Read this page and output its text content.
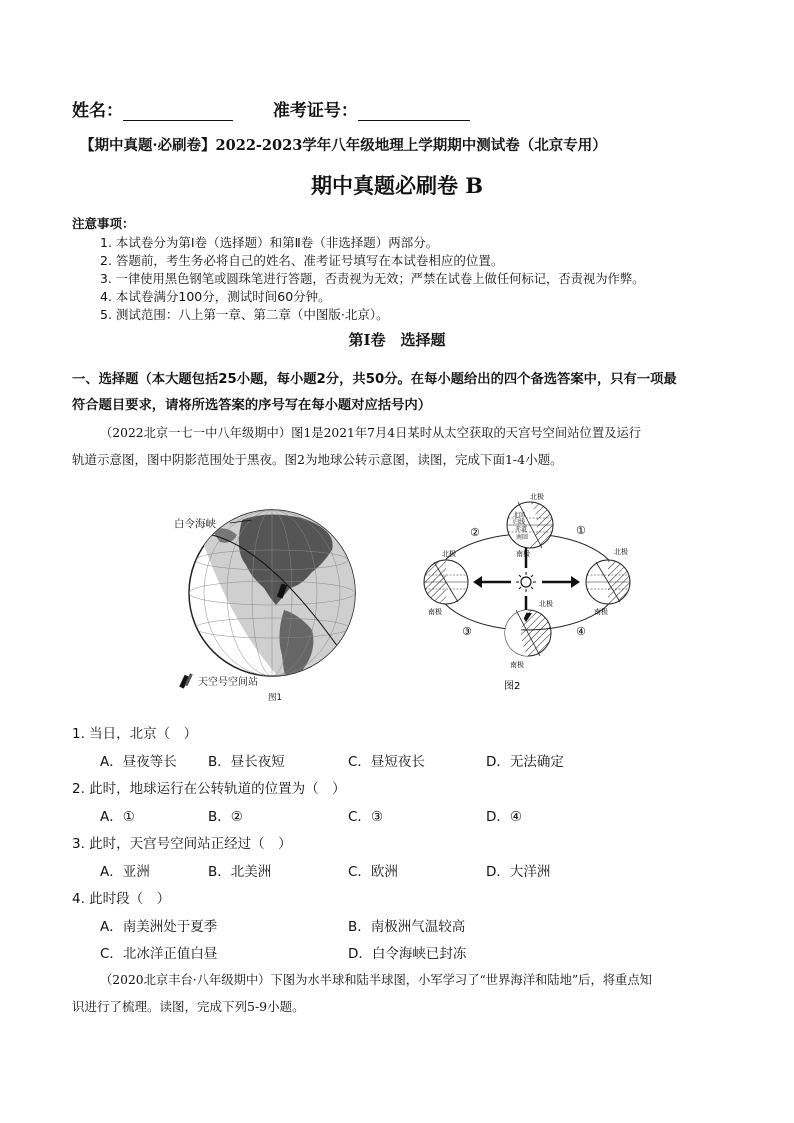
姓名：	准考证号：
【期中真题·必刷卷】2022-2023学年八年级地理上学期期中测试卷（北京专用）
期中真题必刷卷 B
注意事项：
1. 本试卷分为第Ⅰ卷（选择题）和第Ⅱ卷（非选择题）两部分。
2. 答题前，考生务必将自己的姓名、准考证号填写在本试卷相应的位置。
3. 一律使用黑色钢笔或圆珠笔进行答题，否责视为无效；严禁在试卷上做任何标记，否责视为作弊。
4. 本试卷满分100分，测试时间60分钟。
5. 测试范围：八上第一章、第二章（中图版·北京）。
第Ⅰ卷　选择题
一、选择题（本大题包括25小题，每小题2分，共50分。在每小题给出的四个备选答案中，只有一项最
符合题目要求，请将所选答案的序号写在每小题对应括号内）
（2022北京一七一中八年级期中）图1是2021年7月4日某时从太空获取的天宫号空间站位置及运行
轨道示意图，图中阴影范围处于黑夜。图2为地球公转示意图，读图，完成下面1-4小题。
白令海峡
天空号空间站
图1
北回
归线
赤道
南回
北极
南极
北极
南极
北极
南极
北极
南极
②	①
③	④
图2
1. 当日，北京（　）
A．昼夜等长 B．昼长夜短	C．昼短夜长	D．无法确定
2. 此时，地球运行在公转轨道的位置为（　）
A．①	B．②	C．③	D．④
3. 此时，天宫号空间站正经过（　）
A．亚洲	B．北美洲	C．欧洲	D．大洋洲
4. 此时段（　）
A．南美洲处于夏季	B．南极洲气温较高
C．北冰洋正值白昼	D．白令海峡已封冻
（2020北京丰台·八年级期中）下图为水半球和陆半球图，小军学习了“世界海洋和陆地”后，将重点知
识进行了梳理。读图，完成下列5-9小题。
